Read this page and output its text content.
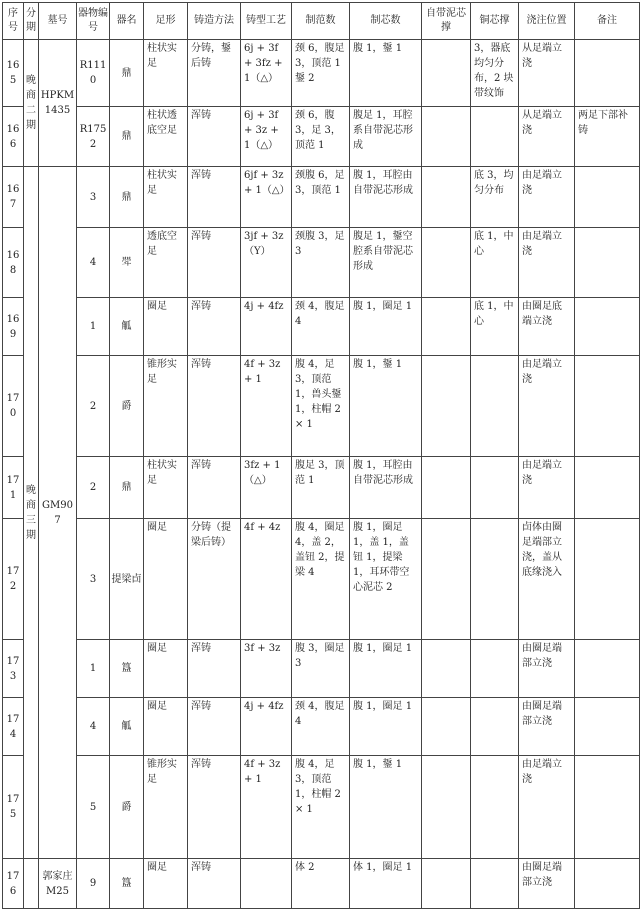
序号	分期	墓号	器物编号	器名	足形	铸造方法	铸型工艺	制范数	制芯数	自带泥芯撑	铜芯撑	浇注位置	备注
165	晚商二期	HPKM 1435	R1110	鼎	柱状实足	分铸，鋬后铸	6j + 3f + 3fz + 1（△）	颈 6，腹足 3，顶范 1 鋬 2	腹 1，鋬 1		3，器底均匀分布，2 块带纹饰	从足端立浇	
166			R1752	鼎	柱状透底空足	浑铸	6j + 3f + 3z + 1（△）	颈 6，腹 3，足 3，顶范 1	腹足 1，耳腔系自带泥芯形成			从足端立浇	两足下部补铸
167	晚商三期	GM907	3	鼎	柱状实足	浑铸	6jf + 3z + 1（△）	颈腹 6，足 3，顶范 1	腹 1，耳腔由自带泥芯形成		底 3，均匀分布	由足端立浇	
168			4	斝	透底空足	浑铸	3jf + 3z（Y）	颈腹 3，足 3	腹足 1，鋬空腔系自带泥芯形成		底 1，中心	由足端立浇	
169			1	觚	圈足	浑铸	4j + 4fz	颈 4，腹足 4	腹 1，圈足 1		底 1，中心	由圈足底端立浇	
170			2	爵	锥形实足	浑铸	4f + 3z + 1	腹 4，足 3，顶范 1，兽头鋬 1，柱帽 2 × 1	腹 1，鋬 1			由足端立浇	
171			2	鼎	柱状实足	浑铸	3fz + 1（△）	腹足 3，顶范 1	腹 1，耳腔由自带泥芯形成			由足端立浇	
172			3	提梁卣	圈足	分铸（提梁后铸）	4f + 4z	腹 4，圈足 4，盖 2，盖钮 2，提梁 4	腹 1，圈足 1，盖 1，盖钮 1，提梁 1，耳环带空心泥芯 2			卣体由圈足端部立浇，盖从底缘浇入	
173			1	簋	圈足	浑铸	3f + 3z	腹 3，圈足 3	腹 1，圈足 1			由圈足端部立浇	
174			4	觚	圈足	浑铸	4j + 4fz	颈 4，腹足 4	腹 1，圈足 1			由圈足端部立浇	
175			5	爵	锥形实足	浑铸	4f + 3z + 1	腹 4，足 3，顶范 1，柱帽 2 × 1	腹 1，鋬 1			由足端立浇	
176		郭家庄 M25	9	簋	圈足	浑铸		体 2	体 1，圈足 1			由圈足端部立浇	
